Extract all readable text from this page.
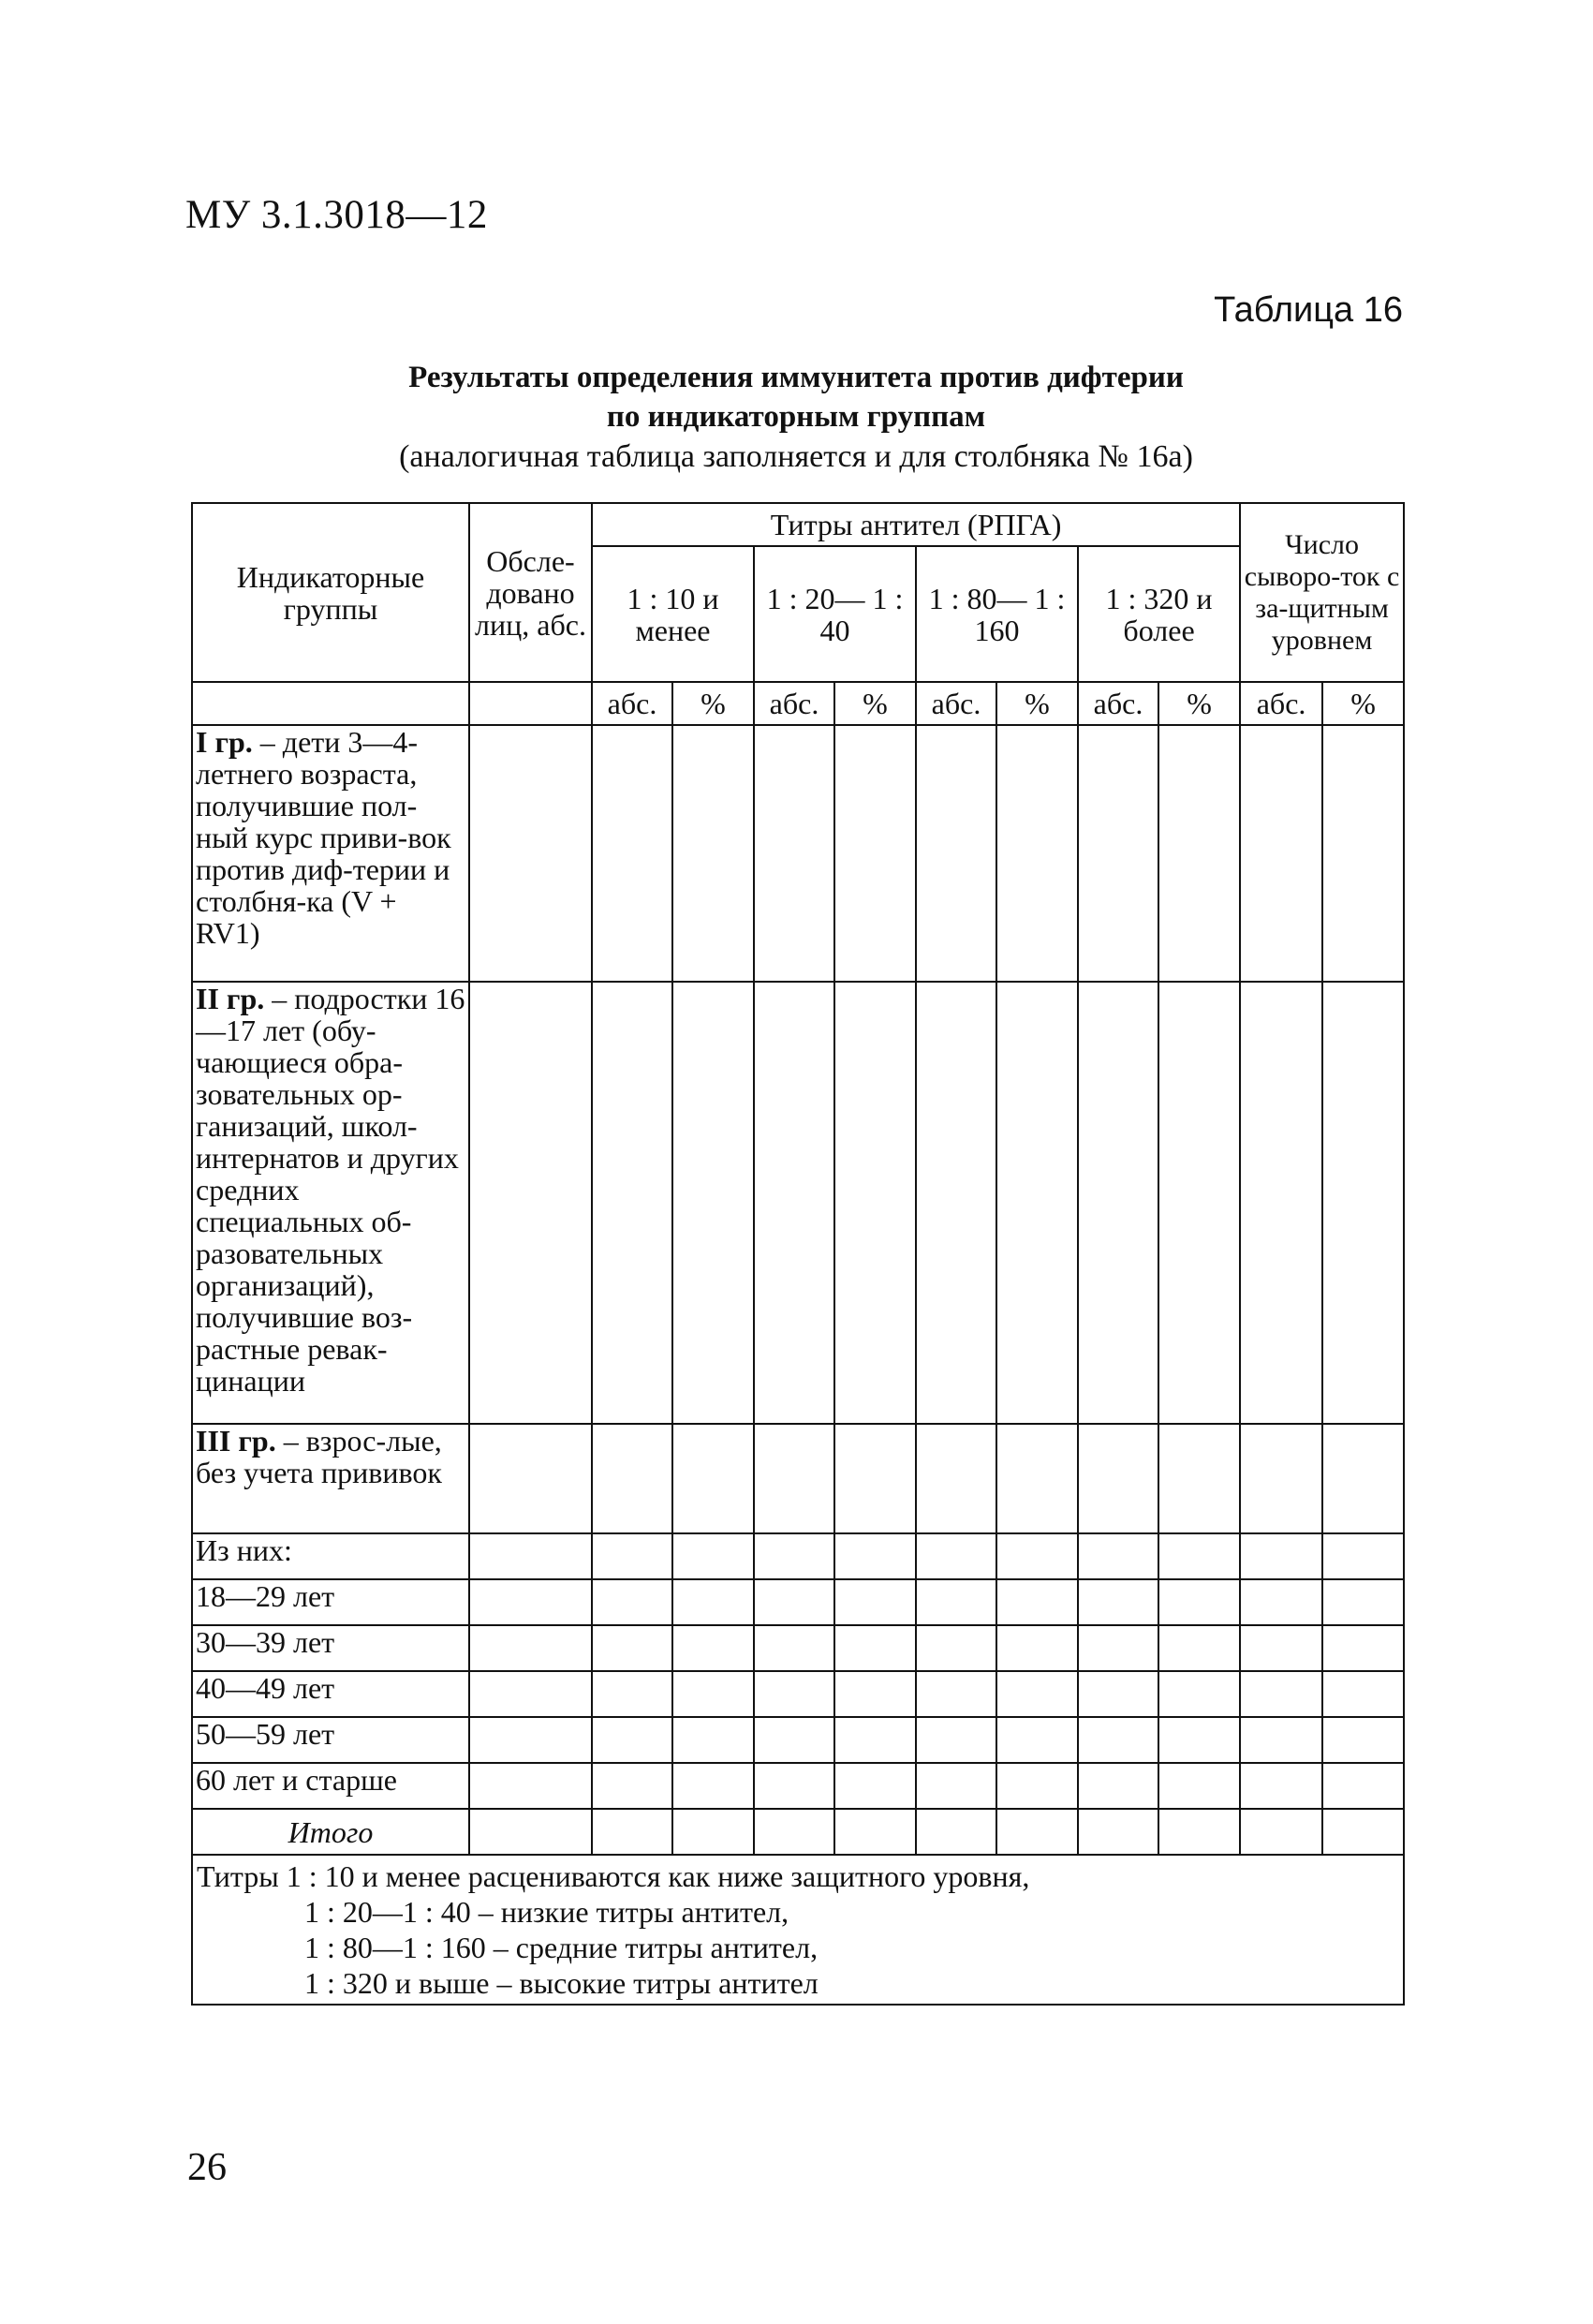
МУ 3.1.3018—12
Таблица 16
Результаты определения иммунитета против дифтерии
по индикаторным группам
(аналогичная таблица заполняется и для столбняка № 16а)
Индикаторные группы	Обсле-довано лиц, абс.	Титры антител (РПГА)								Число сыворо-ток с за-щитным уровнем	
		1 : 10 и менее		1 : 20— 1 : 40		1 : 80— 1 : 160		1 : 320 и более			
		абс.	%	абс.	%	абс.	%	абс.	%	абс.	%
I гр. – дети 3—4-летнего возраста, получившие пол-ный курс приви-вок против диф-терии и столбня-ка (V + RV1)											
II гр. – подростки 16—17 лет (обу-чающиеся обра-зовательных ор-ганизаций, школ-интернатов и других средних специальных об-разовательных организаций), получившие воз-растные ревак-цинации											
III гр. – взрос-лые, без учета прививок											
Из них:											
18—29 лет											
30—39 лет											
40—49 лет											
50—59 лет											
60 лет и старше											
Итого											
Титры 1 : 10 и менее расцениваются как ниже защитного уровня,
1 : 20—1 : 40 – низкие титры антител,
1 : 80—1 : 160 – средние титры антител,
1 : 320 и выше – высокие титры антител											
26
